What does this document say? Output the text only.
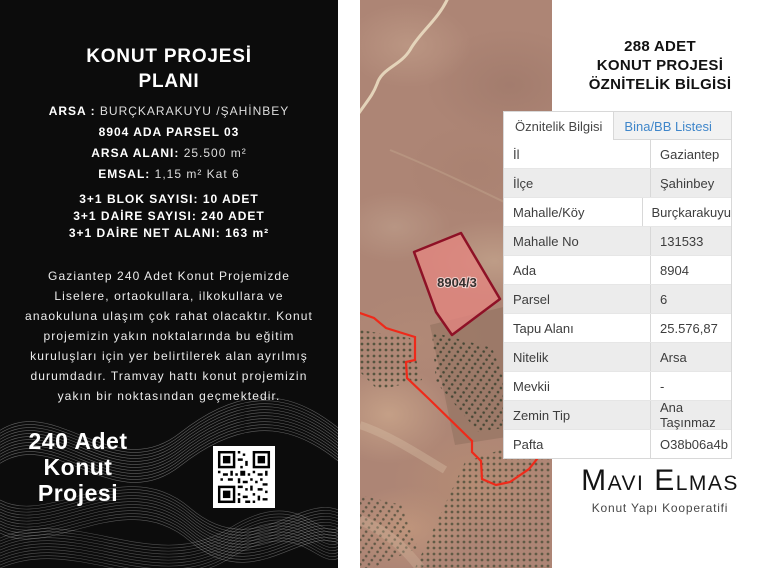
KONUT PROJESİ
PLANI
ARSA : BURÇKARAKUYU /ŞAHİNBEY
8904 ADA PARSEL 03
ARSA ALANI: 25.500 m²
EMSAL: 1,15 m² Kat 6
3+1 BLOK SAYISI: 10 ADET
3+1 DAİRE SAYISI: 240 ADET
3+1 DAİRE NET ALANI: 163 m²

Gaziantep 240 Adet Konut Projemizde Liselere, ortaokullara, ilkokullara ve anaokuluna ulaşım çok rahat olacaktır. Konut projemizin yakın noktalarında bu eğitim kuruluşları için yer belirtilerek alan ayrılmış durumdadır. Tramvay hattı konut projemizin yakın bir noktasından geçmektedir.

240 Adet
Konut
Projesi
8904/3
288 ADET
KONUT PROJESİ
ÖZNİTELİK BİLGİSİ
Öznitelik Bilgisi	Bina/BB Listesi
İl	Gaziantep
İlçe	Şahinbey
Mahalle/Köy	Burçkarakuyu
Mahalle No	131533
Ada	8904
Parsel	6
Tapu Alanı	25.576,87
Nitelik	Arsa
Mevkii	-
Zemin Tip	Ana Taşınmaz
Pafta	O38b06a4b
Mavi Elmas
Konut Yapı Kooperatifi
